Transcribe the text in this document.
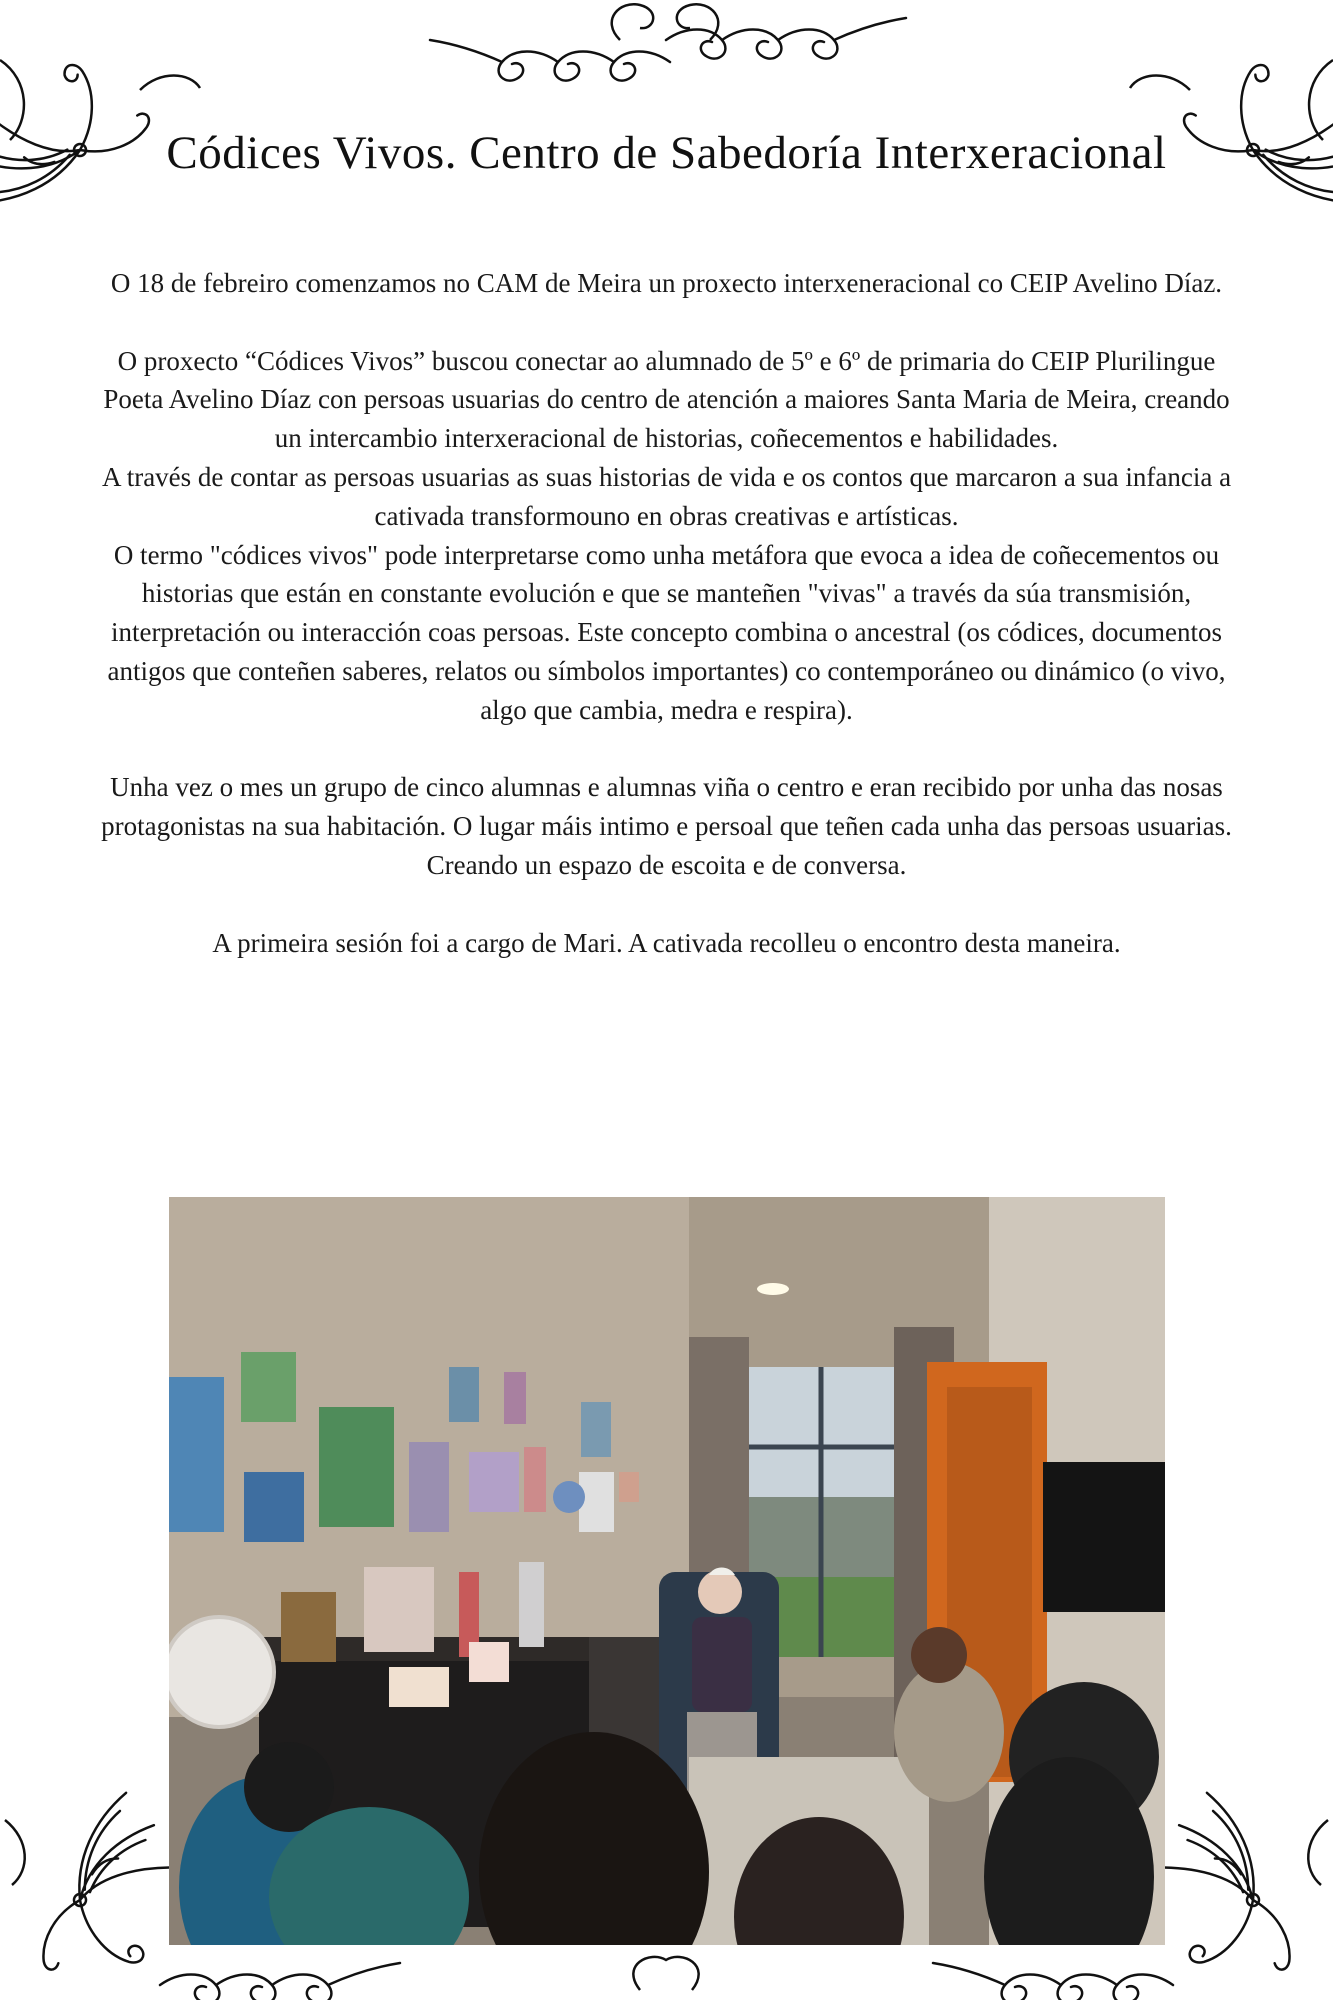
Códices Vivos. Centro de Sabedoría Interxeracional

O 18 de febreiro comenzamos no CAM de Meira un proxecto interxeneracional co CEIP Avelino Díaz.

O proxecto “Códices Vivos” buscou conectar ao alumnado de 5º e 6º de primaria do CEIP Plurilingue Poeta Avelino Díaz con persoas usuarias do centro de atención a maiores Santa Maria de Meira, creando un intercambio interxeracional de historias, coñecementos e habilidades.

A través de contar as persoas usuarias as suas historias de vida e os contos que marcaron a sua infancia a cativada transformouno en obras creativas e artísticas.

O termo "códices vivos" pode interpretarse como unha metáfora que evoca a idea de coñecementos ou historias que están en constante evolución e que se manteñen "vivas" a través da súa transmisión, interpretación ou interacción coas persoas. Este concepto combina o ancestral (os códices, documentos antigos que conteñen saberes, relatos ou símbolos importantes) co contemporáneo ou dinámico (o vivo, algo que cambia, medra e respira).

Unha vez o mes un grupo de cinco alumnas e alumnas viña o centro e eran recibido por unha das nosas protagonistas na sua habitación. O lugar máis intimo e persoal que teñen cada unha das persoas usuarias. Creando un espazo de escoita e de conversa.

A primeira sesión foi a cargo de Mari. A cativada recolleu o encontro desta maneira.
